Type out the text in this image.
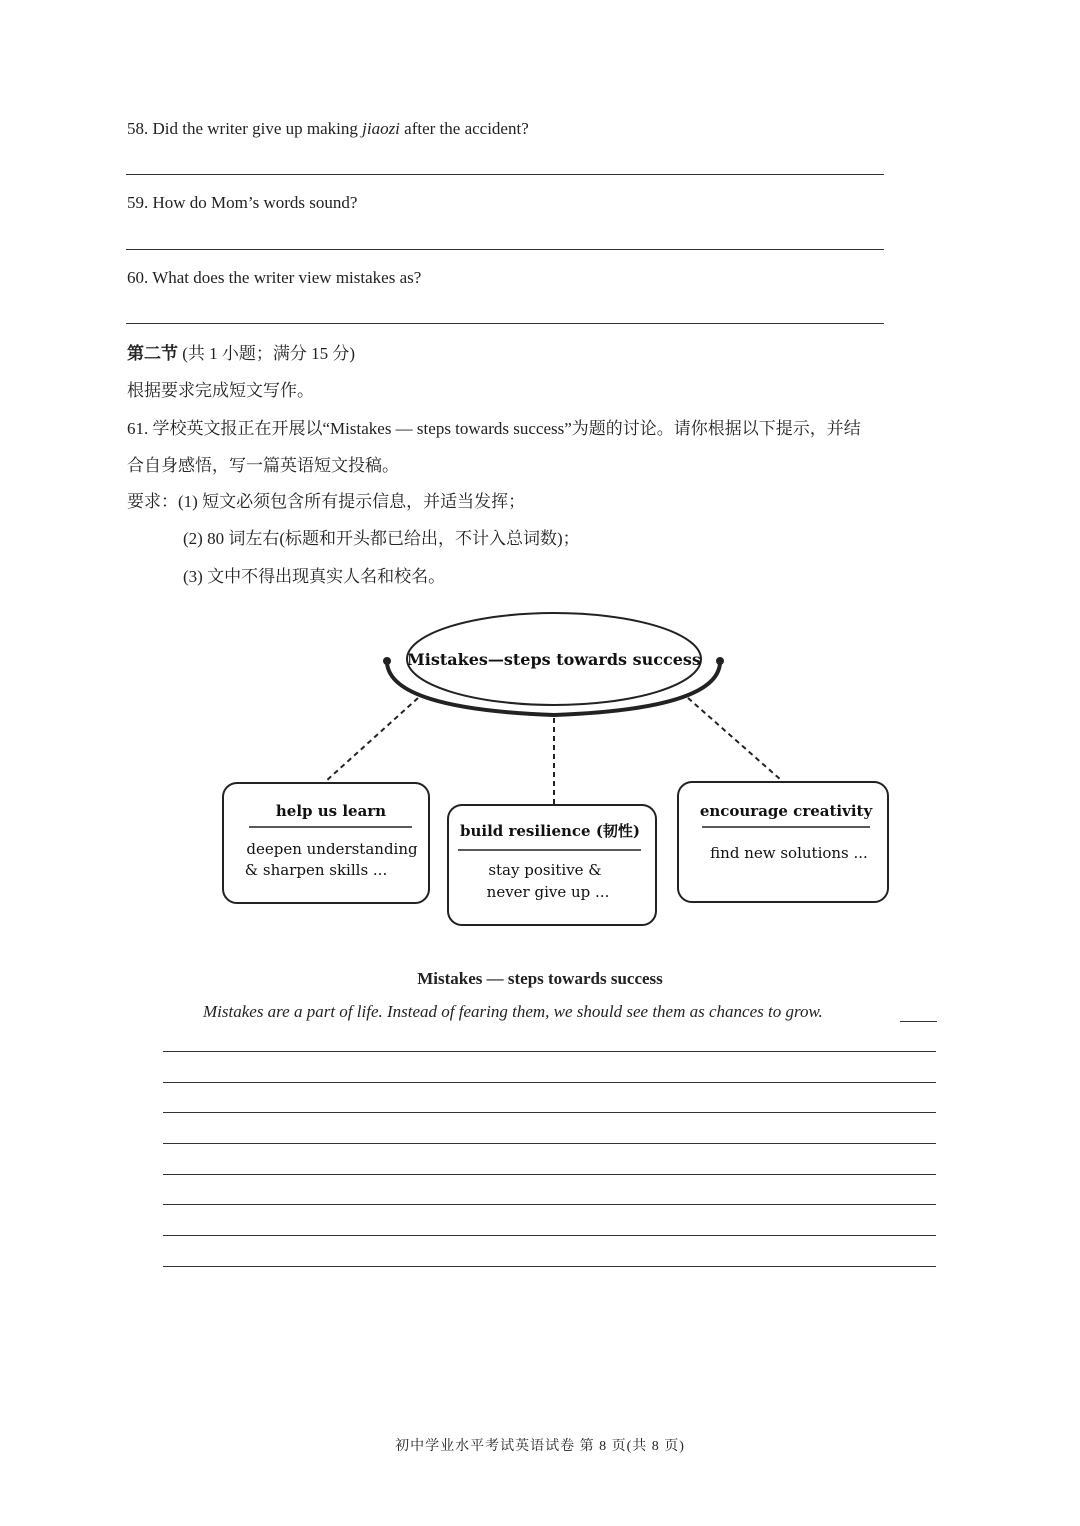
58. Did the writer give up making jiaozi after the accident?
59. How do Mom’s words sound?
60. What does the writer view mistakes as?
第二节 (共 1 小题；满分 15 分)
根据要求完成短文写作。
61. 学校英文报正在开展以“Mistakes — steps towards success”为题的讨论。请你根据以下提示，并结
合自身感悟，写一篇英语短文投稿。
要求：(1) 短文必须包含所有提示信息，并适当发挥；
(2) 80 词左右(标题和开头都已给出，不计入总词数)；
(3) 文中不得出现真实人名和校名。
Mistakes—steps towards success
help us learn
deepen understanding
& sharpen skills ...
build resilience (韧性)
stay positive &
never give up ...
encourage creativity
find new solutions ...
Mistakes — steps towards success
Mistakes are a part of life. Instead of fearing them, we should see them as chances to grow.
初中学业水平考试英语试卷 第 8 页(共 8 页)
